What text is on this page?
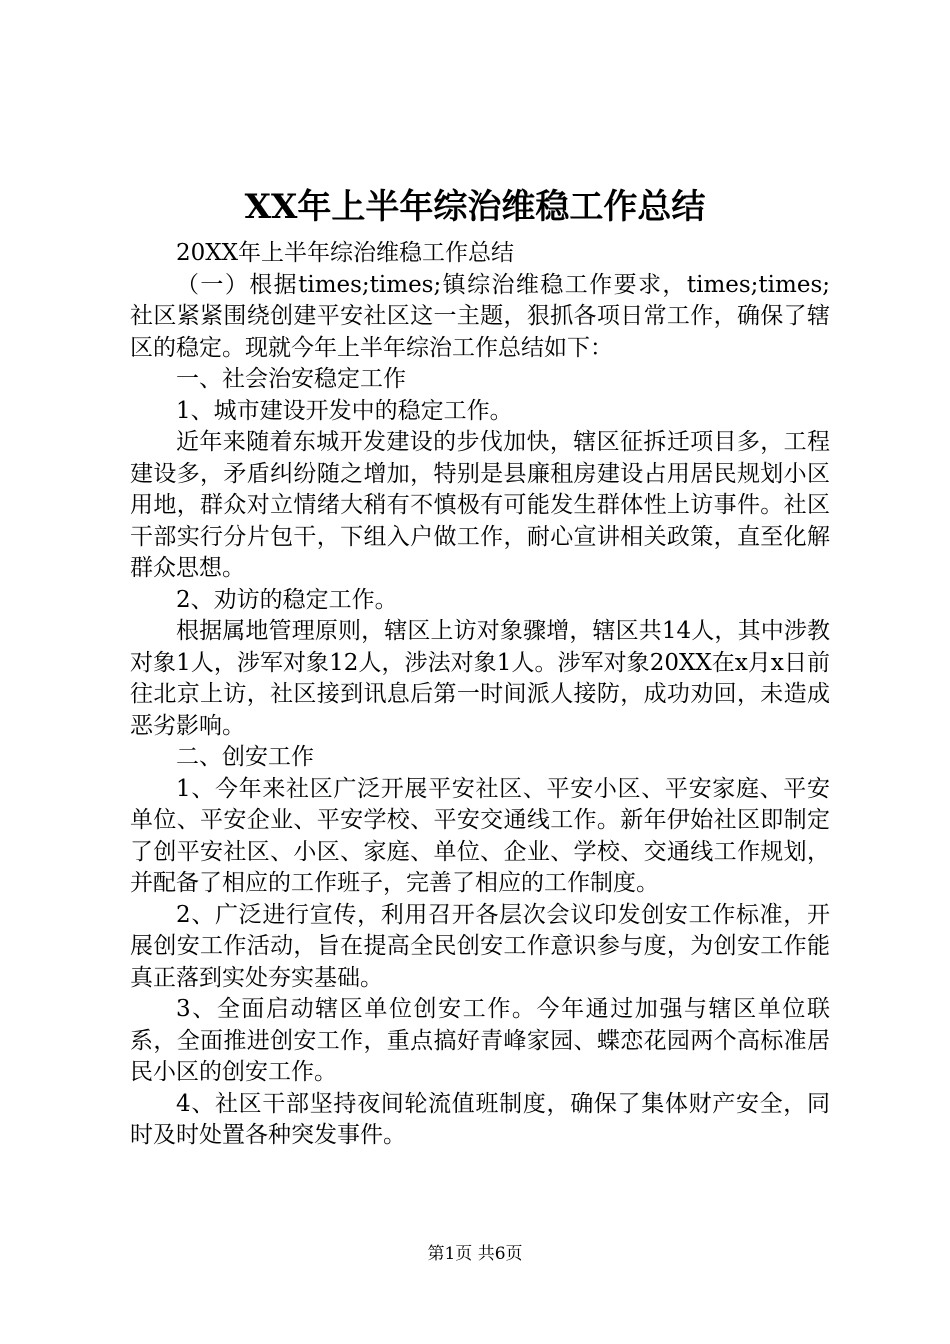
XX年上半年综治维稳工作总结

20XX年上半年综治维稳工作总结

（一）根据times;times;镇综治维稳工作要求，times;times;社区紧紧围绕创建平安社区这一主题，狠抓各项日常工作，确保了辖区的稳定。现就今年上半年综治工作总结如下：

一、社会治安稳定工作

1、城市建设开发中的稳定工作。

近年来随着东城开发建设的步伐加快，辖区征拆迁项目多，工程建设多，矛盾纠纷随之增加，特别是县廉租房建设占用居民规划小区用地，群众对立情绪大稍有不慎极有可能发生群体性上访事件。社区干部实行分片包干，下组入户做工作，耐心宣讲相关政策，直至化解群众思想。

2、劝访的稳定工作。

根据属地管理原则，辖区上访对象骤增，辖区共14人，其中涉教对象1人，涉军对象12人，涉法对象1人。涉军对象20XX在x月x日前往北京上访，社区接到讯息后第一时间派人接防，成功劝回，未造成恶劣影响。

二、创安工作

1、今年来社区广泛开展平安社区、平安小区、平安家庭、平安单位、平安企业、平安学校、平安交通线工作。新年伊始社区即制定了创平安社区、小区、家庭、单位、企业、学校、交通线工作规划，并配备了相应的工作班子，完善了相应的工作制度。

2、广泛进行宣传，利用召开各层次会议印发创安工作标准，开展创安工作活动，旨在提高全民创安工作意识参与度，为创安工作能真正落到实处夯实基础。

3、全面启动辖区单位创安工作。今年通过加强与辖区单位联系，全面推进创安工作，重点搞好青峰家园、蝶恋花园两个高标准居民小区的创安工作。

4、社区干部坚持夜间轮流值班制度，确保了集体财产安全，同时及时处置各种突发事件。

第1页 共6页
